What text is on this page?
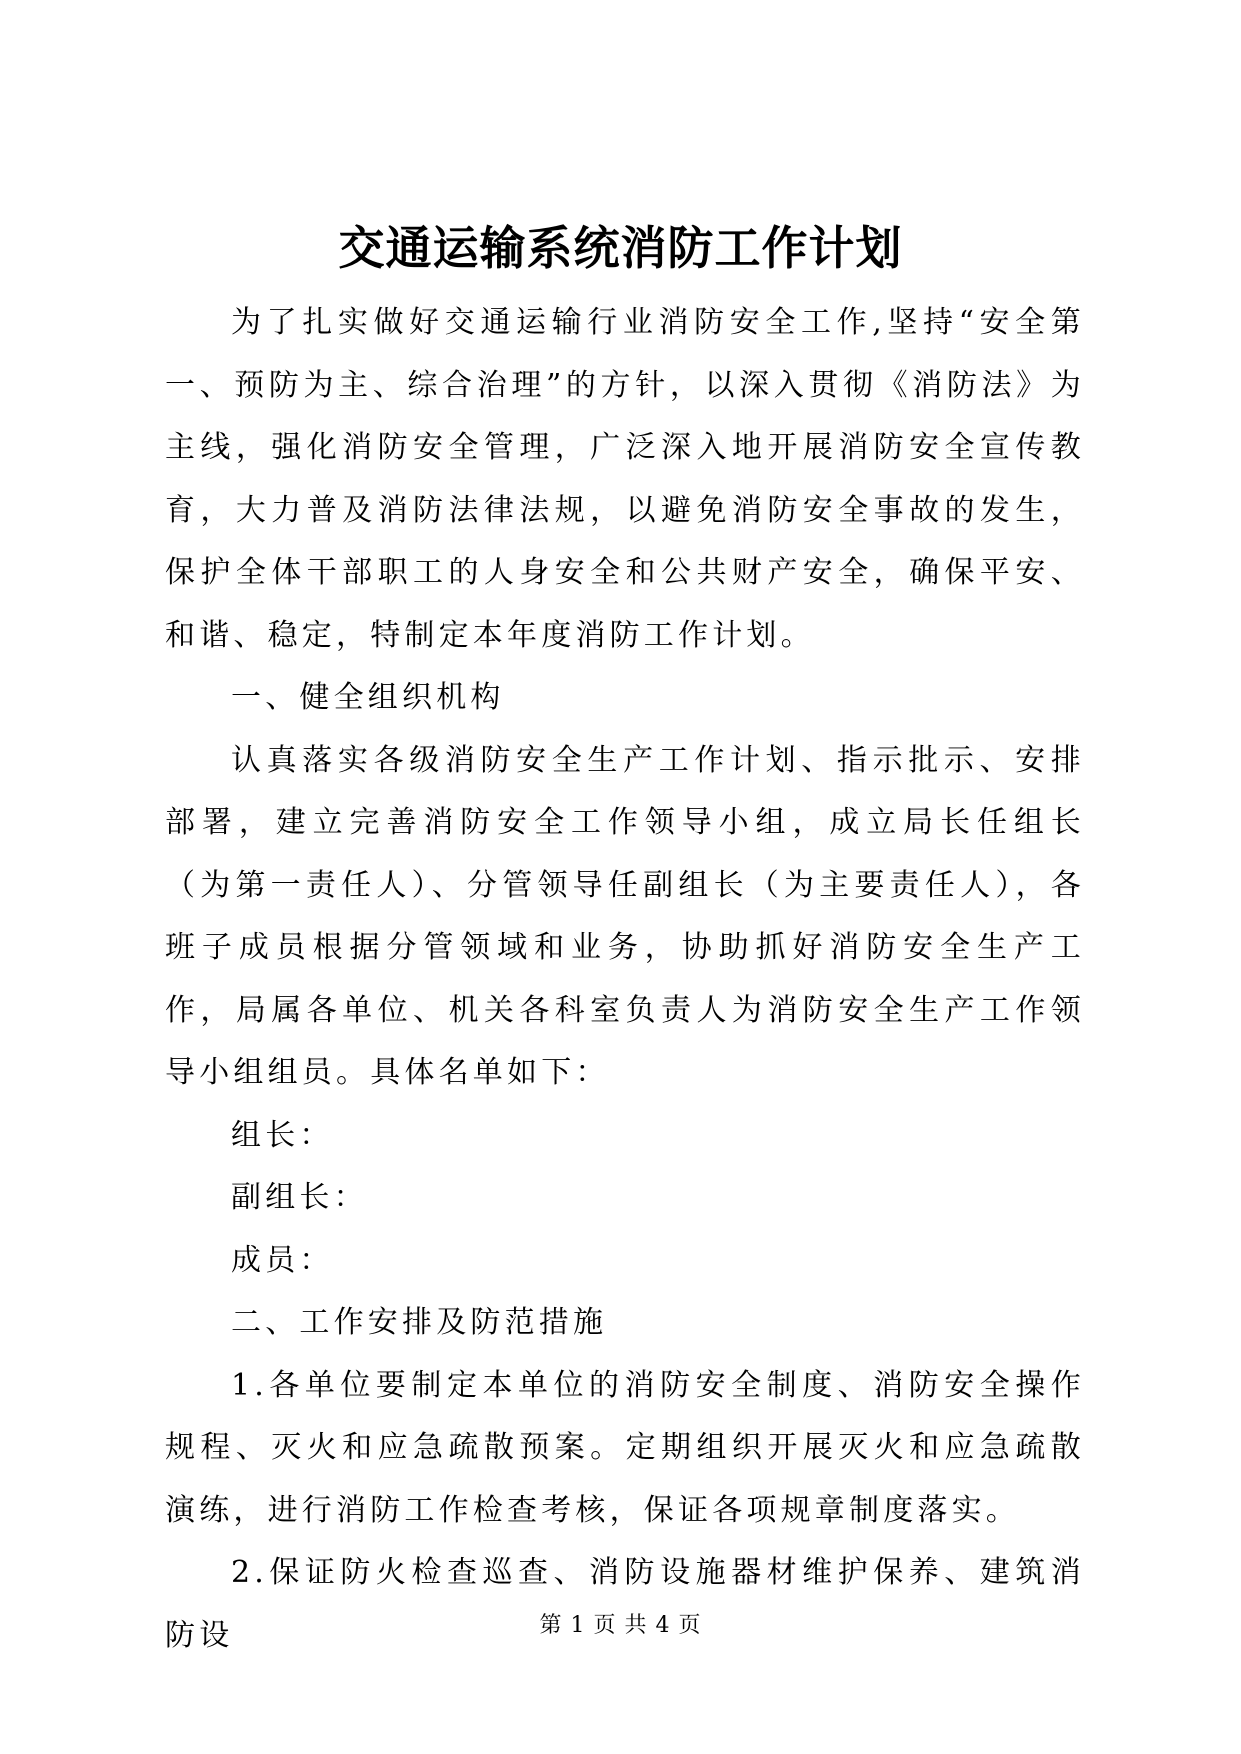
交通运输系统消防工作计划

为了扎实做好交通运输行业消防安全工作,坚持“安全第一、预防为主、综合治理”的方针，以深入贯彻《消防法》为主线，强化消防安全管理，广泛深入地开展消防安全宣传教育，大力普及消防法律法规，以避免消防安全事故的发生，保护全体干部职工的人身安全和公共财产安全，确保平安、和谐、稳定，特制定本年度消防工作计划。

一、健全组织机构

认真落实各级消防安全生产工作计划、指示批示、安排部署，建立完善消防安全工作领导小组，成立局长任组长（为第一责任人）、分管领导任副组长（为主要责任人），各班子成员根据分管领域和业务，协助抓好消防安全生产工作，局属各单位、机关各科室负责人为消防安全生产工作领导小组组员。具体名单如下：

组长：

副组长：

成员：

二、工作安排及防范措施

1.各单位要制定本单位的消防安全制度、消防安全操作规程、灭火和应急疏散预案。定期组织开展灭火和应急疏散演练，进行消防工作检查考核，保证各项规章制度落实。

2.保证防火检查巡查、消防设施器材维护保养、建筑消防设	第 1 页 共 4 页
